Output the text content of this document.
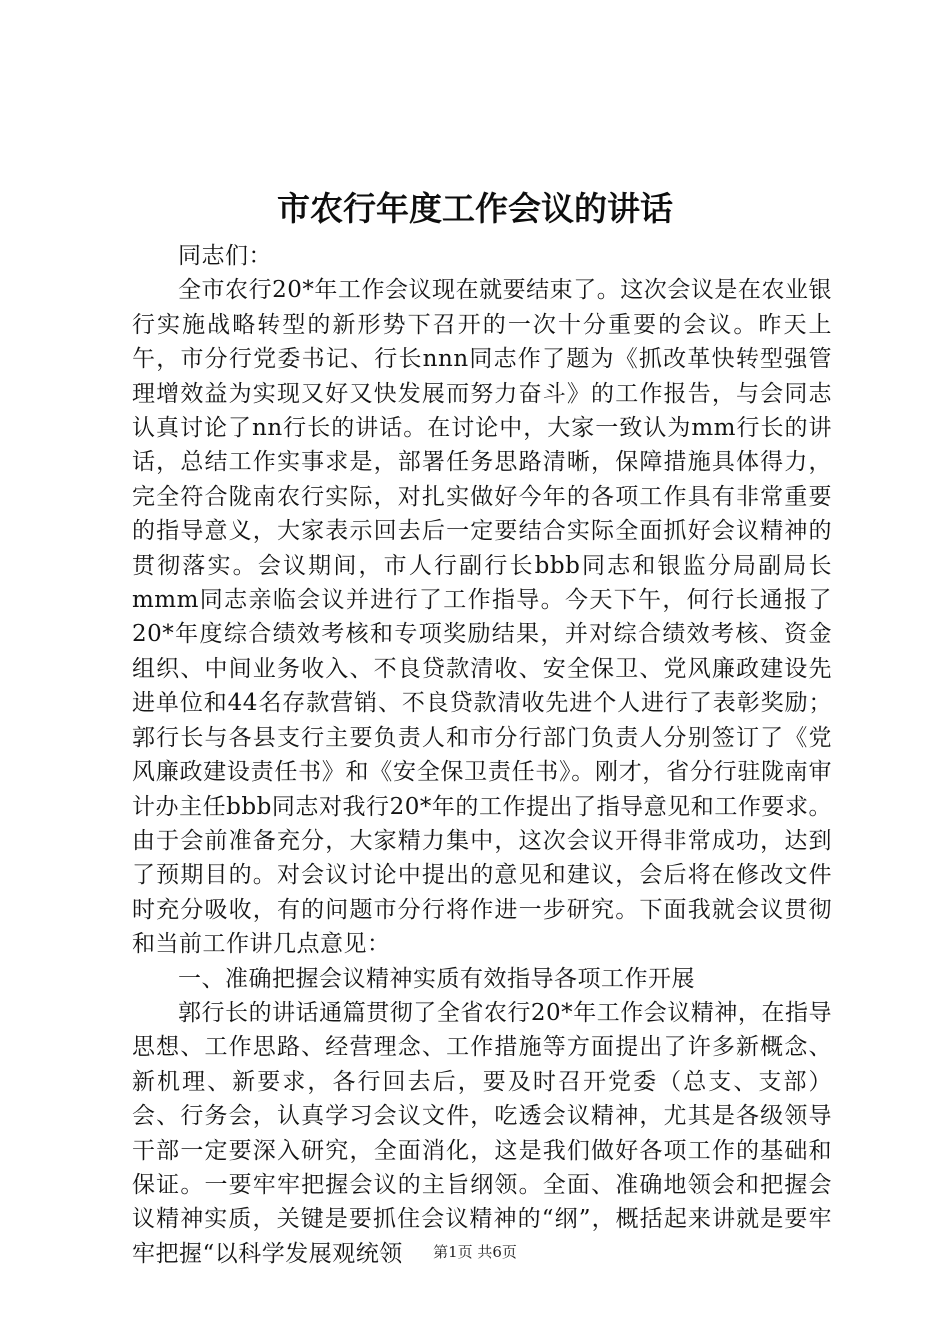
市农行年度工作会议的讲话

同志们：

全市农行20*年工作会议现在就要结束了。这次会议是在农业银行实施战略转型的新形势下召开的一次十分重要的会议。昨天上午，市分行党委书记、行长nnn同志作了题为《抓改革快转型强管理增效益为实现又好又快发展而努力奋斗》的工作报告，与会同志认真讨论了nn行长的讲话。在讨论中，大家一致认为mm行长的讲话，总结工作实事求是，部署任务思路清晰，保障措施具体得力，完全符合陇南农行实际，对扎实做好今年的各项工作具有非常重要的指导意义，大家表示回去后一定要结合实际全面抓好会议精神的贯彻落实。会议期间，市人行副行长bbb同志和银监分局副局长mmm同志亲临会议并进行了工作指导。今天下午，何行长通报了20*年度综合绩效考核和专项奖励结果，并对综合绩效考核、资金组织、中间业务收入、不良贷款清收、安全保卫、党风廉政建设先进单位和44名存款营销、不良贷款清收先进个人进行了表彰奖励；郭行长与各县支行主要负责人和市分行部门负责人分别签订了《党风廉政建设责任书》和《安全保卫责任书》。刚才，省分行驻陇南审计办主任bbb同志对我行20*年的工作提出了指导意见和工作要求。由于会前准备充分，大家精力集中，这次会议开得非常成功，达到了预期目的。对会议讨论中提出的意见和建议，会后将在修改文件时充分吸收，有的问题市分行将作进一步研究。下面我就会议贯彻和当前工作讲几点意见：

一、准确把握会议精神实质有效指导各项工作开展

郭行长的讲话通篇贯彻了全省农行20*年工作会议精神，在指导思想、工作思路、经营理念、工作措施等方面提出了许多新概念、新机理、新要求，各行回去后，要及时召开党委（总支、支部）会、行务会，认真学习会议文件，吃透会议精神，尤其是各级领导干部一定要深入研究，全面消化，这是我们做好各项工作的基础和保证。一要牢牢把握会议的主旨纲领。全面、准确地领会和把握会议精神实质，关键是要抓住会议精神的“纲”，概括起来讲就是要牢牢把握“以科学发展观统领	第1页 共6页
